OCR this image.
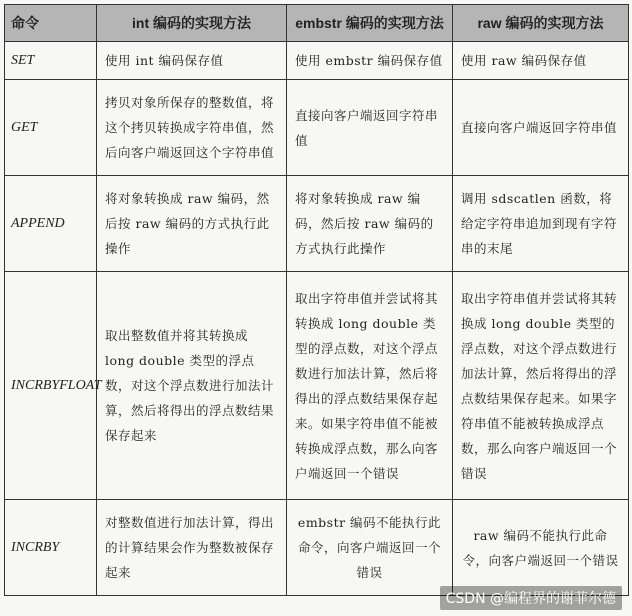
命令	int 编码的实现方法	embstr 编码的实现方法	raw 编码的实现方法
SET	使用 int 编码保存值	使用 embstr 编码保存值	使用 raw 编码保存值
GET	拷贝对象所保存的整数值，将这个拷贝转换成字符串值，然后向客户端返回这个字符串值	直接向客户端返回字符串值	直接向客户端返回字符串值
APPEND	将对象转换成 raw 编码，然后按 raw 编码的方式执行此操作	将对象转换成 raw 编码，然后按 raw 编码的方式执行此操作	调用 sdscatlen 函数，将给定字符串追加到现有字符串的末尾
INCRBYFLOAT	取出整数值并将其转换成 long double 类型的浮点数，对这个浮点数进行加法计算，然后将得出的浮点数结果保存起来	取出字符串值并尝试将其转换成 long double 类型的浮点数，对这个浮点数进行加法计算，然后将得出的浮点数结果保存起来。如果字符串值不能被转换成浮点数，那么向客户端返回一个错误	取出字符串值并尝试将其转换成 long double 类型的浮点数，对这个浮点数进行加法计算，然后将得出的浮点数结果保存起来。如果字符串值不能被转换成浮点数，那么向客户端返回一个错误
INCRBY	对整数值进行加法计算，得出的计算结果会作为整数被保存起来	embstr 编码不能执行此命令，向客户端返回一个错误	raw 编码不能执行此命令，向客户端返回一个错误
CSDN @编程界的谢菲尔德
